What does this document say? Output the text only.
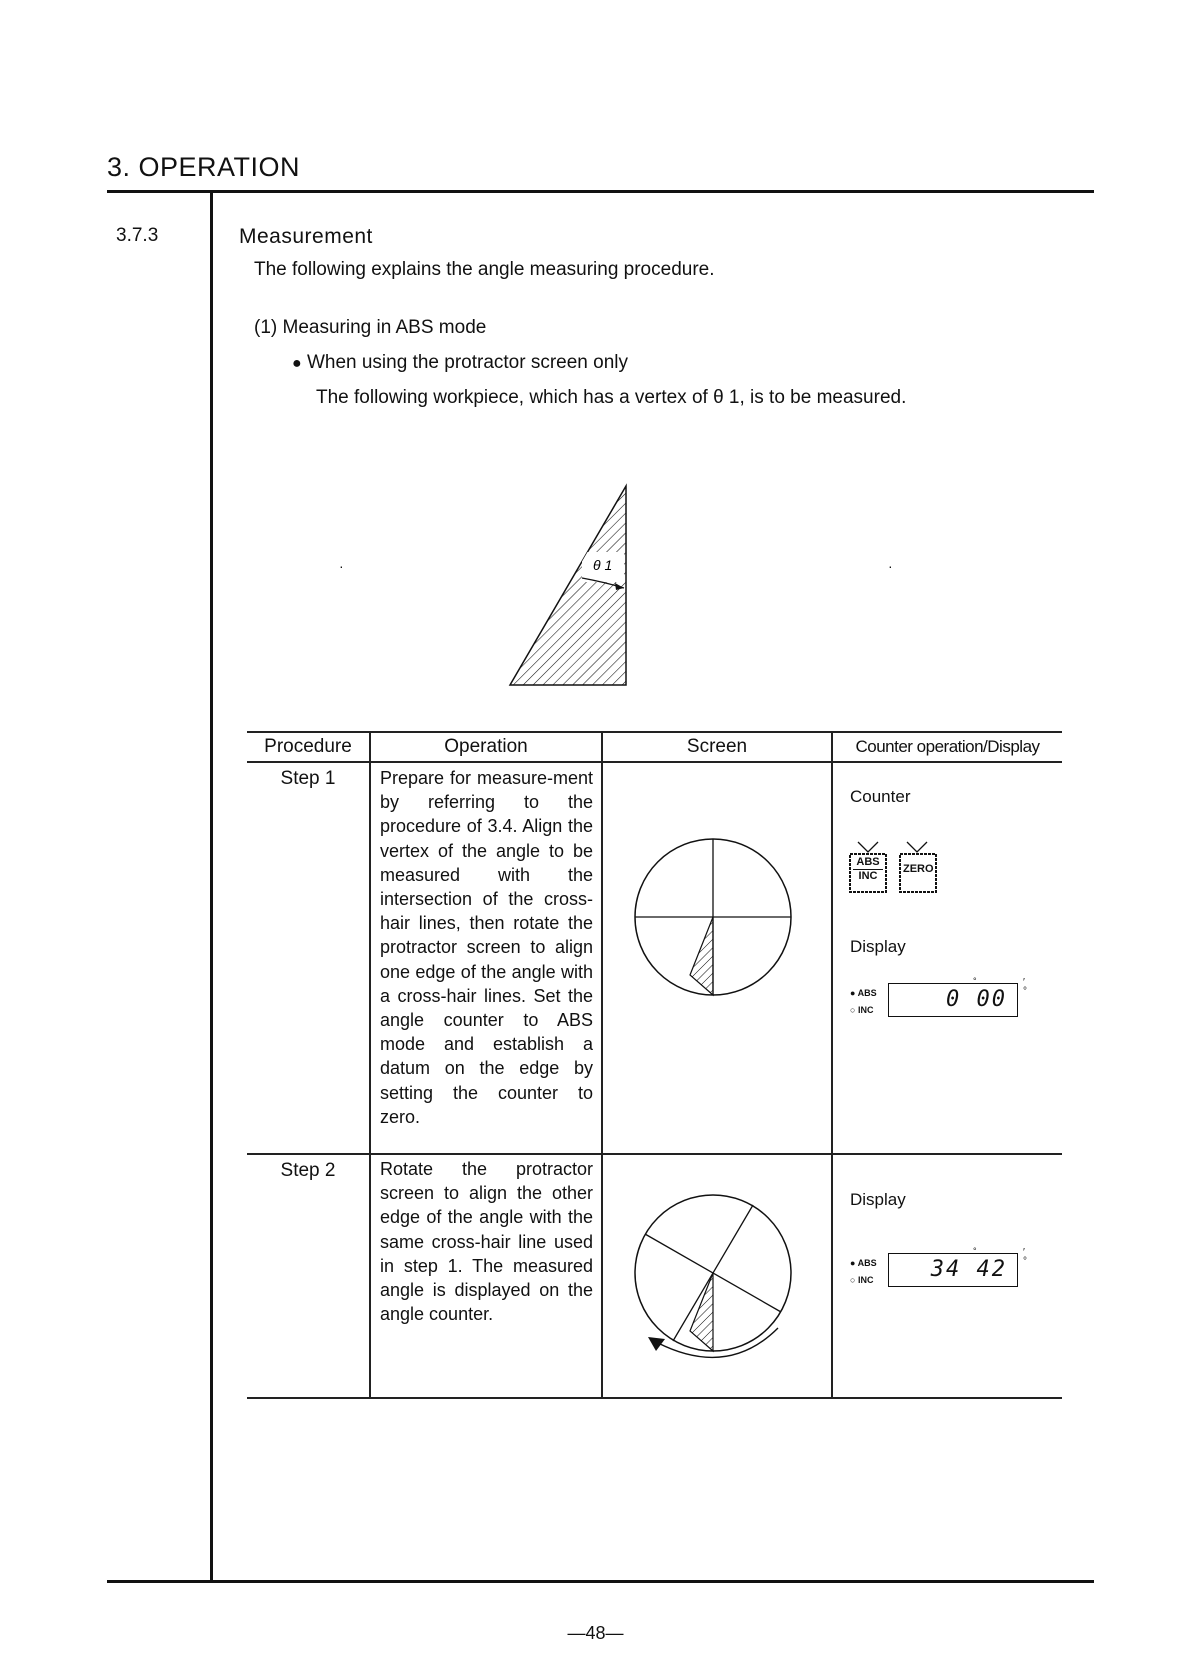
3. OPERATION
3.7.3	Measurement
The following explains the angle measuring procedure.
(1) Measuring in ABS mode
● When using the protractor screen only
The following workpiece, which has a vertex of θ 1, is to be measured.
θ 1
·	·
Procedure	Operation	Screen	Counter operation/Display
Step 1	Prepare for measure-ment by referring to the procedure of 3.4. Align the vertex of the angle to be measured with the intersection of the cross-hair lines, then rotate the protractor screen to align one edge of the angle with a cross-hair lines. Set the angle counter to ABS mode and establish a datum on the edge by setting the counter to zero.
Counter
ABS
INC
ZERO
Display
● ABS
○ INC	0 00
°	′
°
Step 2	Rotate the protractor screen to align the other edge of the angle with the same cross-hair line used in step 1. The measured angle is displayed on the angle counter.
Display
● ABS
○ INC	34 42
°	′
°
—48—
